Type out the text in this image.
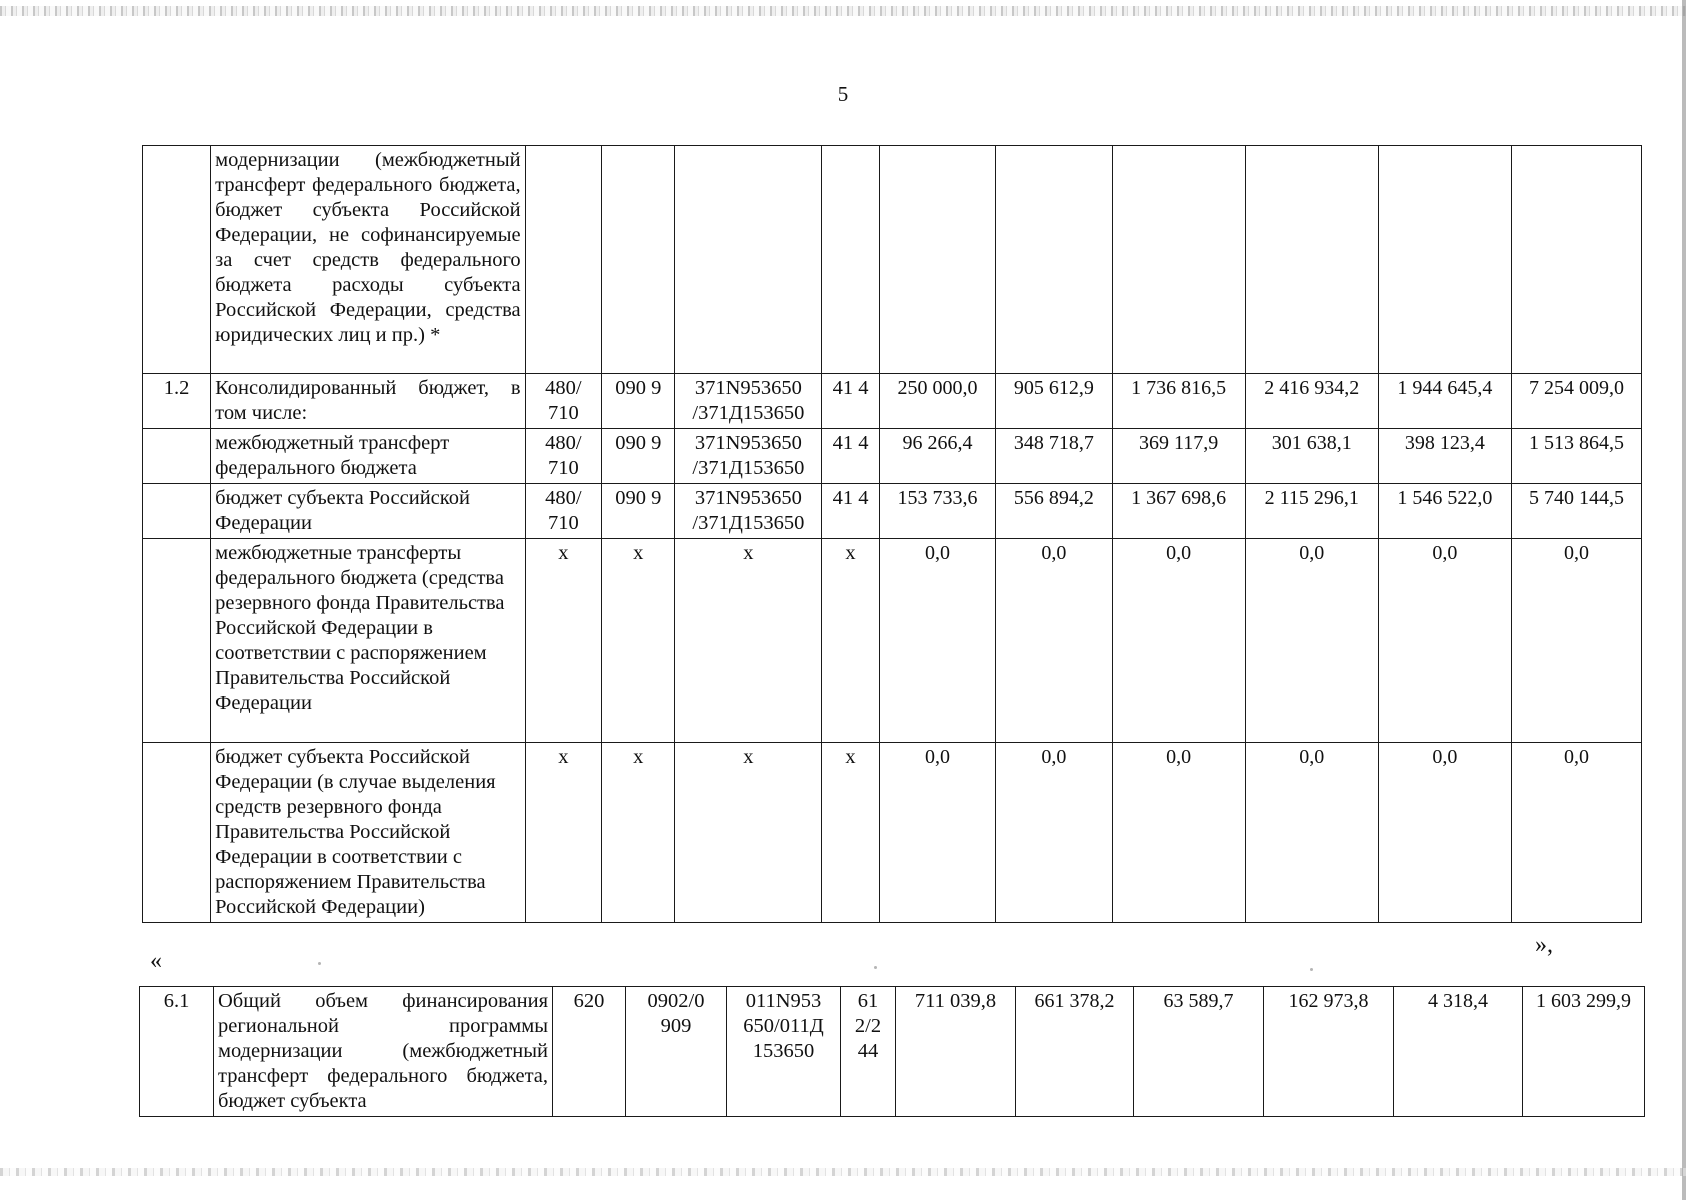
5
	модернизации (межбюджетный трансферт федерального бюджета, бюджет субъекта Российской Федерации, не софинансируемые за счет средств федерального бюджета расходы субъекта Российской Федерации, средства юридических лиц и пр.) *										
1.2	Консолидированный бюджет, в том числе:	480/ 710	090 9	371N953650 /371Д153650	41 4	250 000,0	905 612,9	1 736 816,5	2 416 934,2	1 944 645,4	7 254 009,0
	межбюджетный трансферт федерального бюджета	480/ 710	090 9	371N953650 /371Д153650	41 4	96 266,4	348 718,7	369 117,9	301 638,1	398 123,4	1 513 864,5
	бюджет субъекта Российской Федерации	480/ 710	090 9	371N953650 /371Д153650	41 4	153 733,6	556 894,2	1 367 698,6	2 115 296,1	1 546 522,0	5 740 144,5
	межбюджетные трансферты федерального бюджета (средства резервного фонда Правительства Российской Федерации в соответствии с распоряжением Правительства Российской Федерации	х	х	х	х	0,0	0,0	0,0	0,0	0,0	0,0
	бюджет субъекта Российской Федерации (в случае выделения средств резервного фонда Правительства Российской Федерации в соответствии с распоряжением Правительства Российской Федерации)	х	х	х	х	0,0	0,0	0,0	0,0	0,0	0,0
«
»,
6.1	Общий объем финансирования региональной программы модернизации (межбюджетный трансферт федерального бюджета, бюджет субъекта	620	0902/0 909	011N953 650/011Д 153650	61 2/2 44	711 039,8	661 378,2	63 589,7	162 973,8	4 318,4	1 603 299,9
